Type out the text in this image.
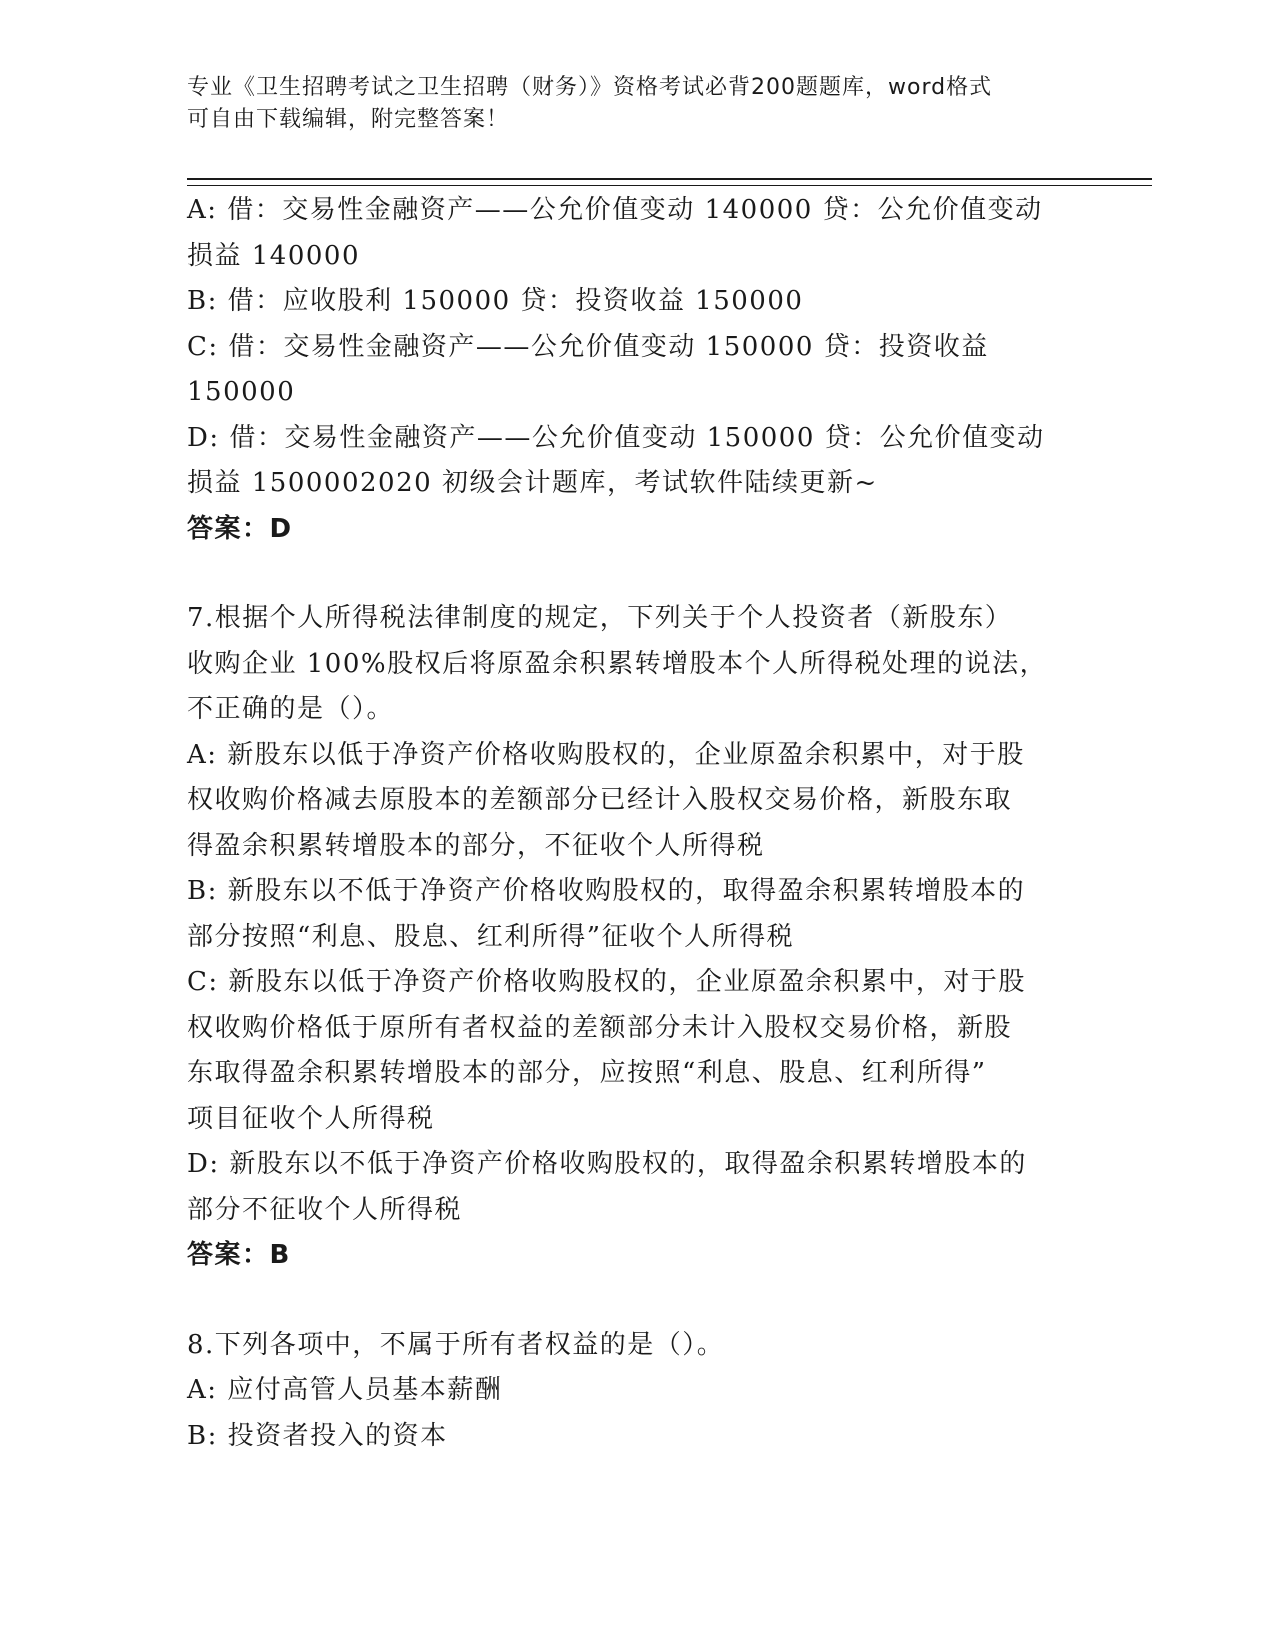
专业《卫生招聘考试之卫生招聘（财务）》资格考试必背200题题库，word格式
可自由下载编辑，附完整答案！

A: 借：交易性金融资产——公允价值变动 140000 贷：公允价值变动

损益 140000

B: 借：应收股利 150000 贷：投资收益 150000

C: 借：交易性金融资产——公允价值变动 150000 贷：投资收益

150000

D: 借：交易性金融资产——公允价值变动 150000 贷：公允价值变动

损益 1500002020 初级会计题库，考试软件陆续更新~

答案：D

7.根据个人所得税法律制度的规定，下列关于个人投资者（新股东）

收购企业 100%股权后将原盈余积累转增股本个人所得税处理的说法，

不正确的是（）。

A: 新股东以低于净资产价格收购股权的，企业原盈余积累中，对于股

权收购价格减去原股本的差额部分已经计入股权交易价格，新股东取

得盈余积累转增股本的部分，不征收个人所得税

B: 新股东以不低于净资产价格收购股权的，取得盈余积累转增股本的

部分按照“利息、股息、红利所得”征收个人所得税

C: 新股东以低于净资产价格收购股权的，企业原盈余积累中，对于股

权收购价格低于原所有者权益的差额部分未计入股权交易价格，新股

东取得盈余积累转增股本的部分，应按照“利息、股息、红利所得”

项目征收个人所得税

D: 新股东以不低于净资产价格收购股权的，取得盈余积累转增股本的

部分不征收个人所得税

答案：B

8.下列各项中，不属于所有者权益的是（）。

A: 应付高管人员基本薪酬

B: 投资者投入的资本
